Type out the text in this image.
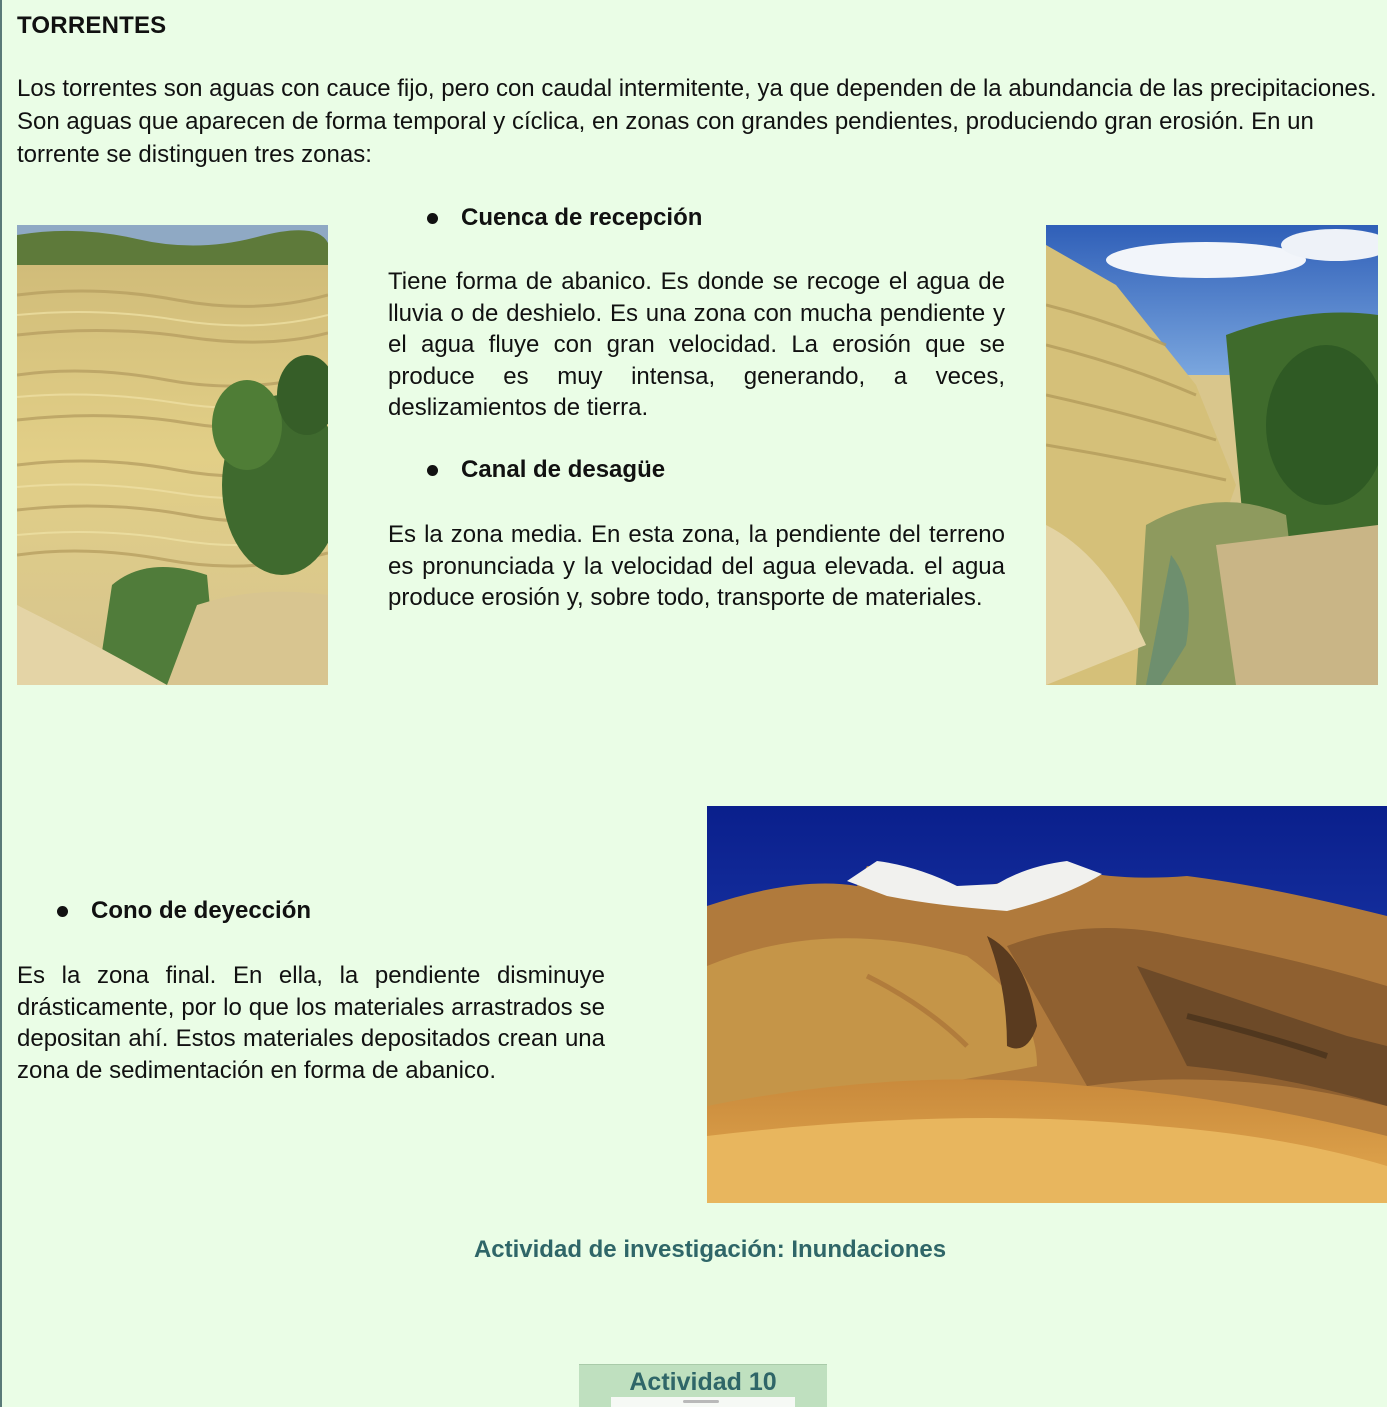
TORRENTES
Los torrentes son aguas con cauce fijo, pero con caudal intermitente, ya que dependen de la abundancia de las precipitaciones. Son aguas que aparecen de forma temporal y cíclica, en zonas con grandes pendientes, produciendo gran erosión. En un torrente se distinguen tres zonas:
Cuenca de recepción
Tiene forma de abanico. Es donde se recoge el agua de lluvia o de deshielo. Es una zona con mucha pendiente y el agua fluye con gran velocidad. La erosión que se produce es muy intensa, generando, a veces, deslizamientos de tierra.
Canal de desagüe
Es la zona media. En esta zona, la pendiente del terreno es pronunciada y la velocidad del agua elevada. el agua produce erosión y, sobre todo, transporte de materiales.
Cono de deyección
Es la zona final. En ella, la pendiente disminuye drásticamente, por lo que los materiales arrastrados se depositan ahí. Estos materiales depositados crean una zona de sedimentación en forma de abanico.
Actividad de investigación: Inundaciones
Actividad 10
